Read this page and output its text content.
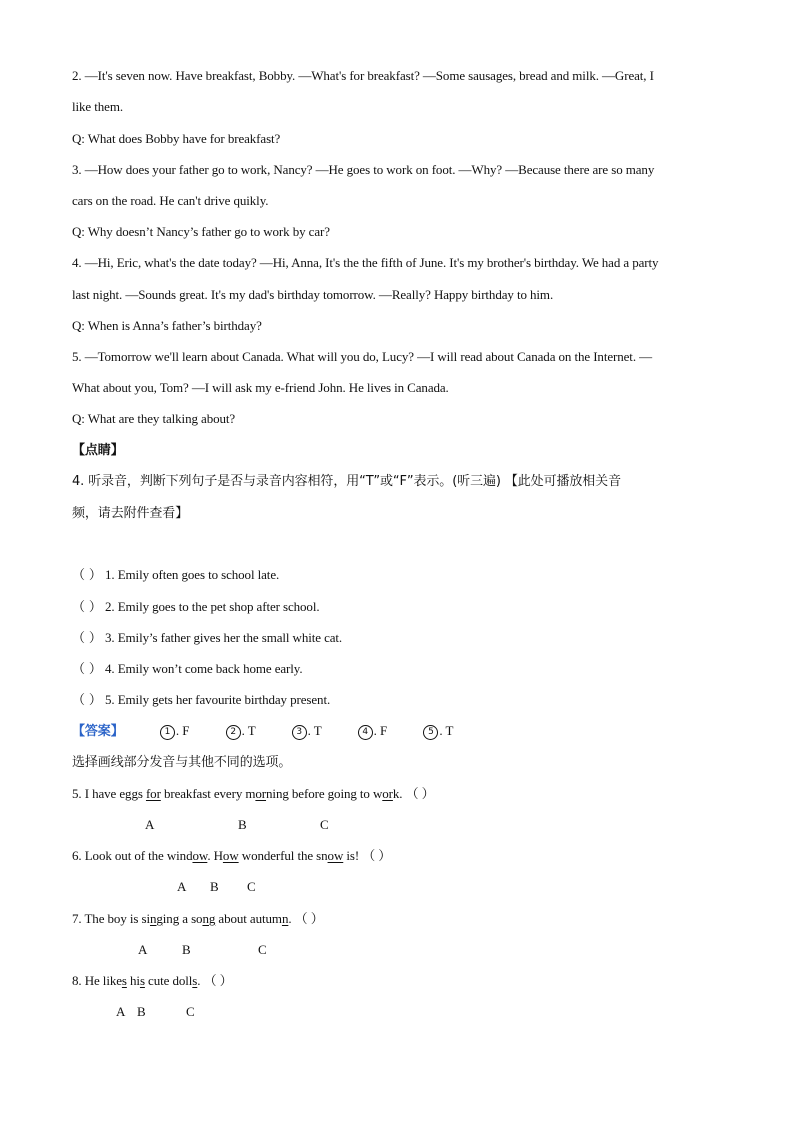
2. —It's seven now. Have breakfast, Bobby. —What's for breakfast? —Some sausages, bread and milk. —Great, I
like them.
Q: What does Bobby have for breakfast?
3. —How does your father go to work, Nancy? —He goes to work on foot. —Why? —Because there are so many
cars on the road. He can't drive quikly.
Q: Why doesn’t Nancy’s father go to work by car?
4. —Hi, Eric, what's the date today? —Hi, Anna, It's the the fifth of June. It's my brother's birthday. We had a party
last night. —Sounds great. It's my dad's birthday tomorrow. —Really? Happy birthday to him.
Q: When is Anna’s father’s birthday?
5. —Tomorrow we'll learn about Canada. What will you do, Lucy? —I will read about Canada on the Internet. —
What about you, Tom? —I will ask my e-friend John. He lives in Canada.
Q: What are they talking about?
【点睛】
4. 听录音，判断下列句子是否与录音内容相符，用“T”或“F”表示。(听三遍) 【此处可播放相关音
频，请去附件查看】
（ ） 1. Emily often goes to school late.
（ ） 2. Emily goes to the pet shop after school.
（ ） 3. Emily’s father gives her the small white cat.
（ ） 4. Emily won’t come back home early.
（ ） 5. Emily gets her favourite birthday present.
【答案】	1 . F	2 . T	3 . T	4 . F	5 . T
选择画线部分发音与其他不同的选项。
5. I have eggs for breakfast every morning before going to work. （ ）
A	B	C
6. Look out of the window. How wonderful the snow is! （ ）
A B C
7. The boy is singing a song about autumn. （ ）
A	B	C
8. He likes his cute dolls. （ ）
A B	C
